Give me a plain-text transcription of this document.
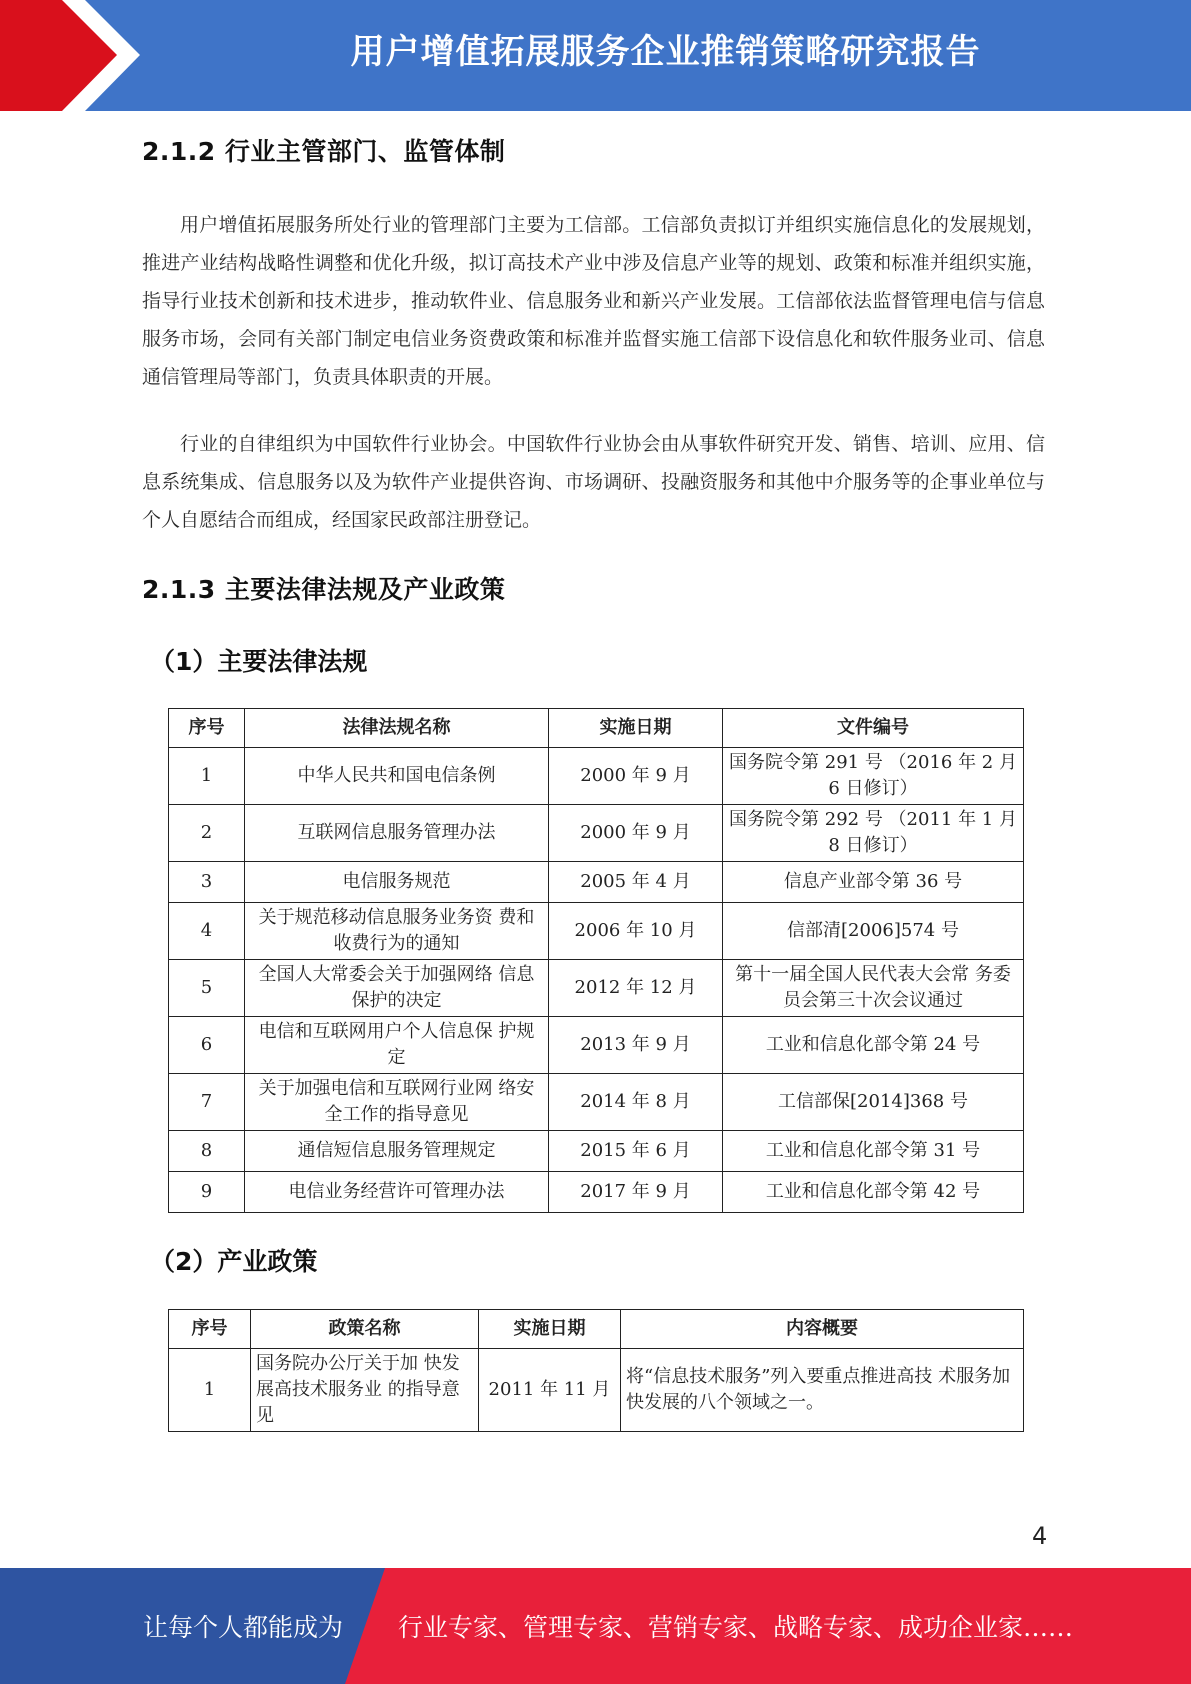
用户增值拓展服务企业推销策略研究报告
2.1.2 行业主管部门、监管体制

用户增值拓展服务所处行业的管理部门主要为工信部。工信部负责拟订并组织实施信息化的发展规划，推进产业结构战略性调整和优化升级，拟订高技术产业中涉及信息产业等的规划、政策和标准并组织实施，指导行业技术创新和技术进步，推动软件业、信息服务业和新兴产业发展。工信部依法监督管理电信与信息服务市场，会同有关部门制定电信业务资费政策和标准并监督实施工信部下设信息化和软件服务业司、信息通信管理局等部门，负责具体职责的开展。

行业的自律组织为中国软件行业协会。中国软件行业协会由从事软件研究开发、销售、培训、应用、信息系统集成、信息服务以及为软件产业提供咨询、市场调研、投融资服务和其他中介服务等的企事业单位与个人自愿结合而组成，经国家民政部注册登记。

2.1.3 主要法律法规及产业政策
（1）主要法律法规
序号	法律法规名称	实施日期	文件编号
1	中华人民共和国电信条例	2000 年 9 月	国务院令第 291 号 （2016 年 2 月 6 日修订）
2	互联网信息服务管理办法	2000 年 9 月	国务院令第 292 号 （2011 年 1 月 8 日修订）
3	电信服务规范	2005 年 4 月	信息产业部令第 36 号
4	关于规范移动信息服务业务资 费和收费行为的通知	2006 年 10 月	信部清[2006]574 号
5	全国人大常委会关于加强网络 信息保护的决定	2012 年 12 月	第十一届全国人民代表大会常 务委员会第三十次会议通过
6	电信和互联网用户个人信息保 护规定	2013 年 9 月	工业和信息化部令第 24 号
7	关于加强电信和互联网行业网 络安全工作的指导意见	2014 年 8 月	工信部保[2014]368 号
8	通信短信息服务管理规定	2015 年 6 月	工业和信息化部令第 31 号
9	电信业务经营许可管理办法	2017 年 9 月	工业和信息化部令第 42 号
（2）产业政策
序号	政策名称	实施日期	内容概要
1	国务院办公厅关于加 快发展高技术服务业 的指导意见	2011 年 11 月	将“信息技术服务”列入要重点推进高技 术服务加快发展的八个领域之一。
4
让每个人都能成为 行业专家、管理专家、营销专家、战略专家、成功企业家……
